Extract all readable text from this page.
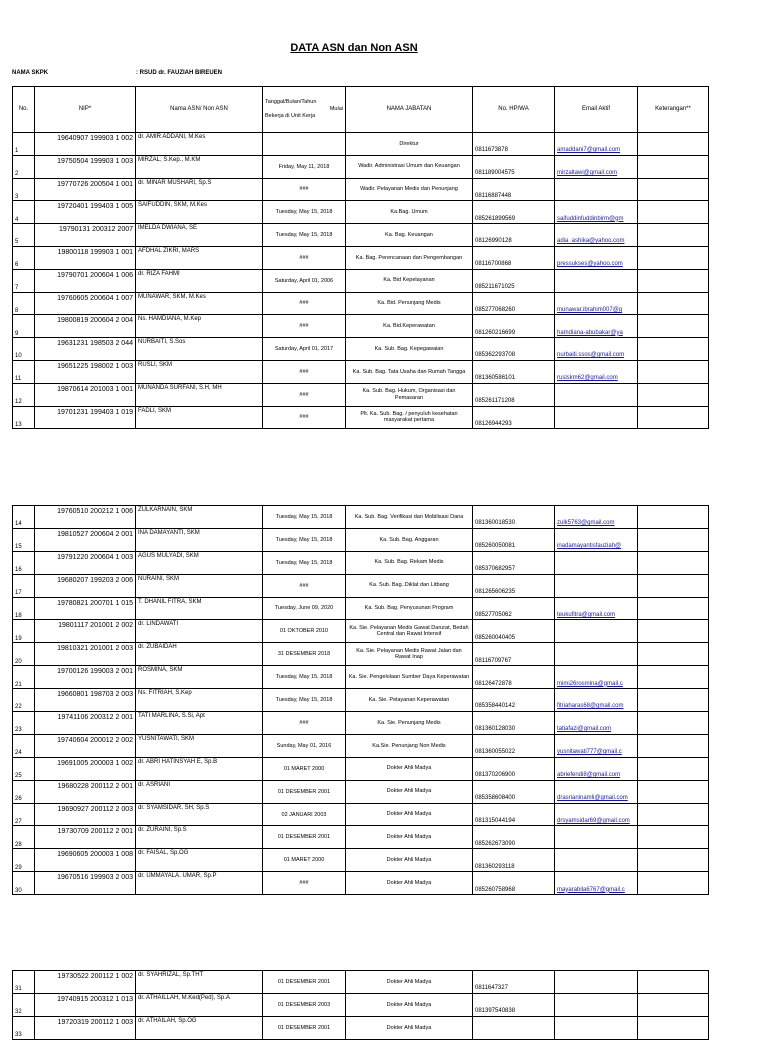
DATA ASN dan Non ASN
NAMA SKPK	: RSUD dr. FAUZIAH BIREUEN
No.	NIP*	Nama ASN/ Non ASN	Tanggal/Bulan/Tahun

Mulai
Bekerja di Unit Kerja	NAMA JABATAN	No. HP/WA	Email Aktif	Keterangan**
1	19640907 199903 1 002	dr. AMIR ADDANI, M.Kes		Direktur	0811673878	amaddani7@gmail.com	
2	19750504 199903 1 003	MIRZAL, S.Kep., M.KM	Friday, May 11, 2018	Wadir. Administrasi Umum dan Keuangan	081189004575	mirzaltawi@gmail.com	
3	19770726 200504 1 001	dr. MINAR MUSHARI, Sp.S	###	Wadir. Pelayanan Medis dan Penunjang	08116887448		
4	19720401 199403 1 005	SAIFUDDIN, SKM, M.Kes	Tuesday, May 15, 2018	Ka.Bag. Umum	085261899569	saifuddinfuddinbirm@gm	
5	19790131 200312 2007	IMELDA DWIANA, SE	Tuesday, May 15, 2018	Ka. Bag. Keuangan	08126990128	adia_ashika@yahoo.com	
6	19800118 199903 1 001	AFDHAL ZIKRI, MARS	###	Ka. Bag. Perencanaan dan Pengembangan	08116700868	pressukses@yahoo.com	
7	19790701 200604 1 006	dr. RIZA FAHMI	Saturday, April 01, 2006	Ka. Bid Kepelayanan	085211671025		
8	19760605 200604 1 007	MUNAWAR, SKM, M.Kes	###	Ka. Bid. Penunjang Medis	085277068260	munawar.ibrahim007@g	
9	19800819 200604 2 004	Ns. HAMDIANA, M.Kep	###	Ka. Bid.Keperawatan	081260216699	hamdiana-abubakar@ya	
10	19631231 198503 2 044	NURBAITI, S.Sos	Saturday, April 01, 2017	Ka. Sub. Bag. Kepegawaian	085362293708	nurbaiti.ssos@gmail.com	
11	19651225 198002 1 003	RUSLI, SKM	###	Ka. Sub. Bag. Tata Usaha dan Rumah Tangga	081360586101	ruslskm62@gmail.com	
12	19870614 201003 1 001	MUNANDA SURFANI, S.H, MH	###	Ka. Sub. Bag. Hukum, Organisasi dan Pemasaran	085261171208		
13	19701231 199403 1 019	FADLI, SKM	###	Plt. Ka. Sub. Bag. / penyuluh kesehatan masyarakat pertama	08126944293		
14	19760510 200212 1 006	ZULKARNAIN, SKM	Tuesday, May 15, 2018	Ka. Sub. Bag. Verifikasi dan Mobilisasi Dana	081360018530	zulk5763@gmail.com	
15	19810527 200604 2 001	INA DAMAYANTI, SKM	Tuesday, May 15, 2018	Ka. Sub. Bag. Anggaran	085260050081	inadamayantisfauziah@	
16	19791220 200604 1 003	AGUS MULYADI, SKM	Tuesday, May 15, 2018	Ka. Sub. Bag. Rekam Medis	085370682957		
17	19680207 199203 2 006	NURAINI, SKM	###	Ka. Sub. Bag..Diklat dan Litbang	081265606235		
18	19780821 200701 1 015	T. DHANIL FITRA, SKM	Tuesday, June 09, 2020	Ka. Sub. Bag. Penyusunan Program	08527705062	teukufitra@gmail.com	
19	19801117 201001 2 002	dr. LINDAWATI	01 OKTOBER 2010	Ka. Sie. Pelayanan Medis Gawat Darurat, Bedah Central dan Rawat Intensif	085260040405		
20	19810321 201001 2 003	dr. ZUBAIDAH	31 DESEMBER 2018	Ka. Sie. Pelayanan Medis Rawat Jalan dan Rawat Inap	08116709767		
21	19700126 199003 2 001	ROSMINA, SKM	Tuesday, May 15, 2018	Ka. Sie. Pengelolaan Sumber Daya Keperawatan	08126472878	mimi26rosmina@gmail.c	
22	19660801 198703 2 003	Ns. FITRIAH, S.Kep	Tuesday, May 15, 2018	Ka. Sie. Pelayanan Keperawatan	085358440142	fitriaharas68@gmail.com	
23	19741106 200312 2 001	TATI MARLINA, S.Si, Apt	###	Ka. Sie. Penunjang Medis	081360128030	tatiafazi@gmail.com	
24	19740604 200012 2 002	YUSNITAWATI, SKM	Sunday, May 01, 2016	Ka.Sie. Penunjang Non Medis	081360055022	yusnitawati777@gmail.c	
25	19691005 200003 1 002	dr. ABRI HATINSYAH E, Sp.B	01 MARET 2000	Dokter Ahli Madya	081370206900	abriefendi8@gmail.com	
26	19680228 200112 2 001	dr. ASRIANI	01 DESEMBER 2001	Dokter Ahli Madya	085358608400	drasrianinamli@gmail.com	
27	19690927 200112 2 003	dr. SYAMSIDAR, SH, Sp.S	02 JANUARI 2003	Dokter Ahli Madya	081315044194	drsyamsidar69@gmail.com	
28	19730709 200112 2 001	dr. ZURAINI, Sp.S	01 DESEMBER 2001	Dokter Ahli Madya	085262673090		
29	19690605 200003 1 008	dr. FAISAL, Sp.OG	01 MARET 2000	Dokter Ahli Madya	081360293118		
30	19670516 199903 2 003	dr. UMMAYALA. UMAR, Sp.P	###	Dokter Ahli Madya	085260758968	mayarabila6767@gmail.c	
31	19730522 200112 1 002	dr. SYAHRIZAL, Sp.THT	01 DESEMBER 2001	Dokter Ahli Madya	0811647327		
32	19740915 200312 1 013	dr. ATHAILLAH, M.Ked(Ped), Sp.A	01 DESEMBER 2003	Dokter Ahli Madya	081397540838		
33	19720319 200112 1 003	dr. ATHAILAH, Sp.OG	01 DESEMBER 2001	Dokter Ahli Madya			
